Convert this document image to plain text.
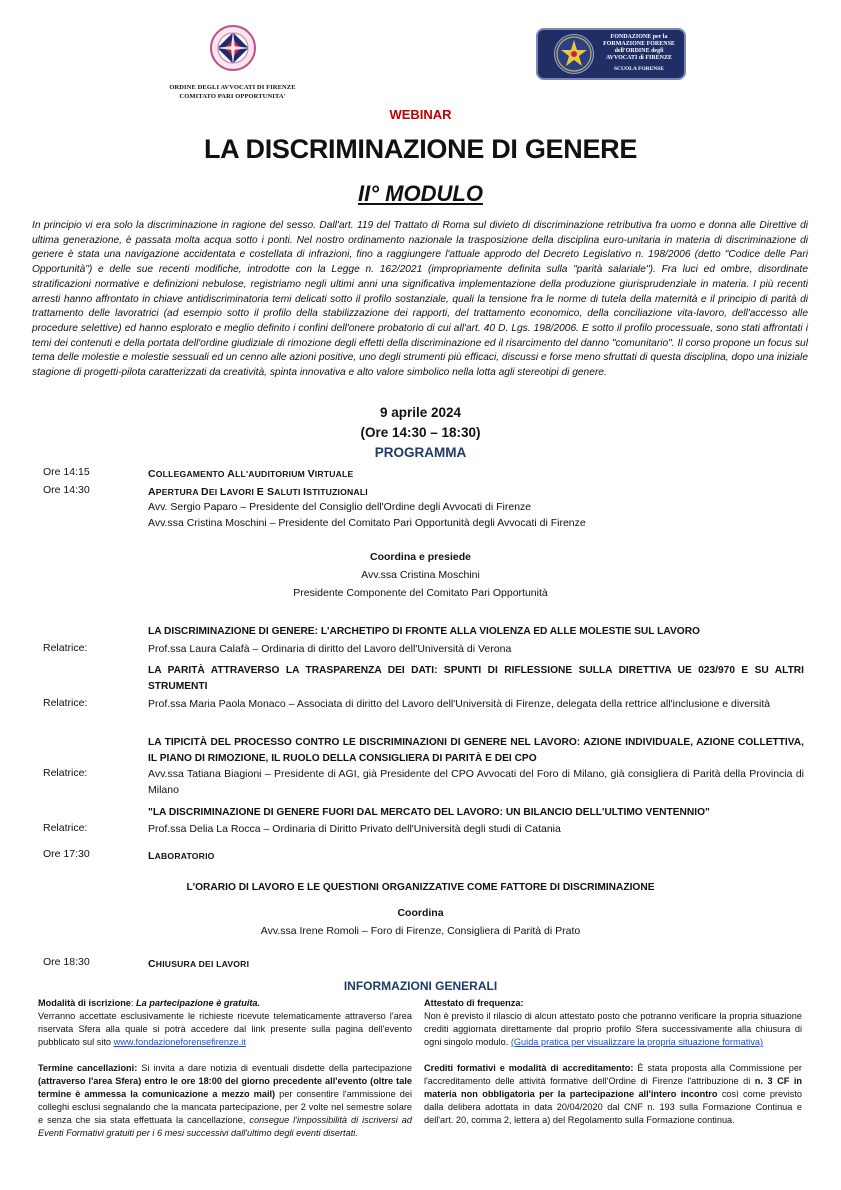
ORDINE DEGLI AVVOCATI DI FIRENZE
COMITATO PARI OPPORTUNITA'
FONDAZIONE per la
FORMAZIONE FORENSE
dell'ORDINE degli
AVVOCATI di FIRENZE
SCUOLA FORENSE
WEBINAR
LA DISCRIMINAZIONE DI GENERE
II° MODULO

In principio vi era solo la discriminazione in ragione del sesso. Dall'art. 119 del Trattato di Roma sul divieto di discriminazione retributiva fra uomo e donna alle Direttive di ultima generazione, è passata molta acqua sotto i ponti. Nel nostro ordinamento nazionale la trasposizione della disciplina euro-unitaria in materia di discriminazione di genere è stata una navigazione accidentata e costellata di infrazioni, fino a raggiungere l'attuale approdo del Decreto Legislativo n. 198/2006 (detto "Codice delle Pari Opportunità") e delle sue recenti modifiche, introdotte con la Legge n. 162/2021 (impropriamente definita sulla "parità salariale"). Fra luci ed ombre, disordinate stratificazioni normative e definizioni nebulose, registriamo negli ultimi anni una significativa implementazione della produzione giurisprudenziale in materia. I più recenti arresti hanno affrontato in chiave antidiscriminatoria temi delicati sotto il profilo sostanziale, quali la tensione fra le norme di tutela della maternità e il principio di parità di trattamento delle lavoratrici (ad esempio sotto il profilo della stabilizzazione dei rapporti, del trattamento economico, della conciliazione vita-lavoro, dell'accesso alle procedure selettive) ed hanno esplorato e meglio definito i confini dell'onere probatorio di cui all'art. 40 D. Lgs. 198/2006. E sotto il profilo processuale, sono stati affrontati i temi dei contenuti e della portata dell'ordine giudiziale di rimozione degli effetti della discriminazione ed il risarcimento del danno "comunitario". Il corso propone un focus sul tema delle molestie e molestie sessuali ed un cenno alle azioni positive, uno degli strumenti più efficaci, discussi e forse meno sfruttati di questa disciplina, dopo una iniziale stagione di progetti-pilota caratterizzati da creatività, spinta innovativa e alto valore simbolico nella lotta agli stereotipi di genere.

9 aprile 2024
(Ore 14:30 – 18:30)
PROGRAMMA
Ore 14:15	COLLEGAMENTO ALL'AUDITORIUM VIRTUALE
Ore 14:30	APERTURA DEI LAVORI E SALUTI ISTITUZIONALI
Avv. Sergio Paparo – Presidente del Consiglio dell'Ordine degli Avvocati di Firenze
Avv.ssa Cristina Moschini – Presidente del Comitato Pari Opportunità degli Avvocati di Firenze
Coordina e presiede
Avv.ssa Cristina Moschini
Presidente Componente del Comitato Pari Opportunità
LA DISCRIMINAZIONE DI GENERE: L'ARCHETIPO DI FRONTE ALLA VIOLENZA ED ALLE MOLESTIE SUL LAVORO
Relatrice:	Prof.ssa Laura Calafà – Ordinaria di diritto del Lavoro dell'Università di Verona
LA PARITÀ ATTRAVERSO LA TRASPARENZA DEI DATI: SPUNTI DI RIFLESSIONE SULLA DIRETTIVA UE 023/970 E SU ALTRI STRUMENTI
Relatrice:	Prof.ssa Maria Paola Monaco – Associata di diritto del Lavoro dell'Università di Firenze, delegata della rettrice all'inclusione e diversità
LA TIPICITÀ DEL PROCESSO CONTRO LE DISCRIMINAZIONI DI GENERE NEL LAVORO: AZIONE INDIVIDUALE, AZIONE COLLETTIVA, IL PIANO DI RIMOZIONE, IL RUOLO DELLA CONSIGLIERA DI PARITÀ E DEI CPO
Relatrice:	Avv.ssa Tatiana Biagioni – Presidente di AGI, già Presidente del CPO Avvocati del Foro di Milano, già consigliera di Parità della Provincia di Milano
"LA DISCRIMINAZIONE DI GENERE FUORI DAL MERCATO DEL LAVORO: UN BILANCIO DELL'ULTIMO VENTENNIO"
Relatrice:	Prof.ssa Delia La Rocca – Ordinaria di Diritto Privato dell'Università degli studi di Catania
Ore 17:30	LABORATORIO
L'ORARIO DI LAVORO E LE QUESTIONI ORGANIZZATIVE COME FATTORE DI DISCRIMINAZIONE
Coordina
Avv.ssa Irene Romoli – Foro di Firenze, Consigliera di Parità di Prato
Ore 18:30	CHIUSURA DEI LAVORI
INFORMAZIONI GENERALI

Modalità di iscrizione: La partecipazione è gratuita.
Verranno accettate esclusivamente le richieste ricevute telematicamente attraverso l'area riservata Sfera alla quale si potrà accedere dal link presente sulla pagina dell'evento pubblicato sul sito www.fondazioneforensefirenze.it

Termine cancellazioni: Si invita a dare notizia di eventuali disdette della partecipazione (attraverso l'area Sfera) entro le ore 18:00 del giorno precedente all'evento (oltre tale termine è ammessa la comunicazione a mezzo mail) per consentire l'ammissione dei colleghi esclusi segnalando che la mancata partecipazione, per 2 volte nel semestre solare e senza che sia stata effettuata la cancellazione, consegue l'impossibilità di iscriversi ad Eventi Formativi gratuiti per i 6 mesi successivi dall'ultimo degli eventi disertati.

Attestato di frequenza:
Non è previsto il rilascio di alcun attestato posto che potranno verificare la propria situazione crediti aggiornata direttamente dal proprio profilo Sfera successivamente alla chiusura di ogni singolo modulo. (Guida pratica per visualizzare la propria situazione formativa)

Crediti formativi e modalità di accreditamento: È stata proposta alla Commissione per l'accreditamento delle attività formative dell'Ordine di Firenze l'attribuzione di n. 3 CF in materia non obbligatoria per la partecipazione all'intero incontro così come previsto dalla delibera adottata in data 20/04/2020 dal CNF n. 193 sulla Formazione Continua e dell'art. 20, comma 2, lettera a) del Regolamento sulla Formazione continua.
